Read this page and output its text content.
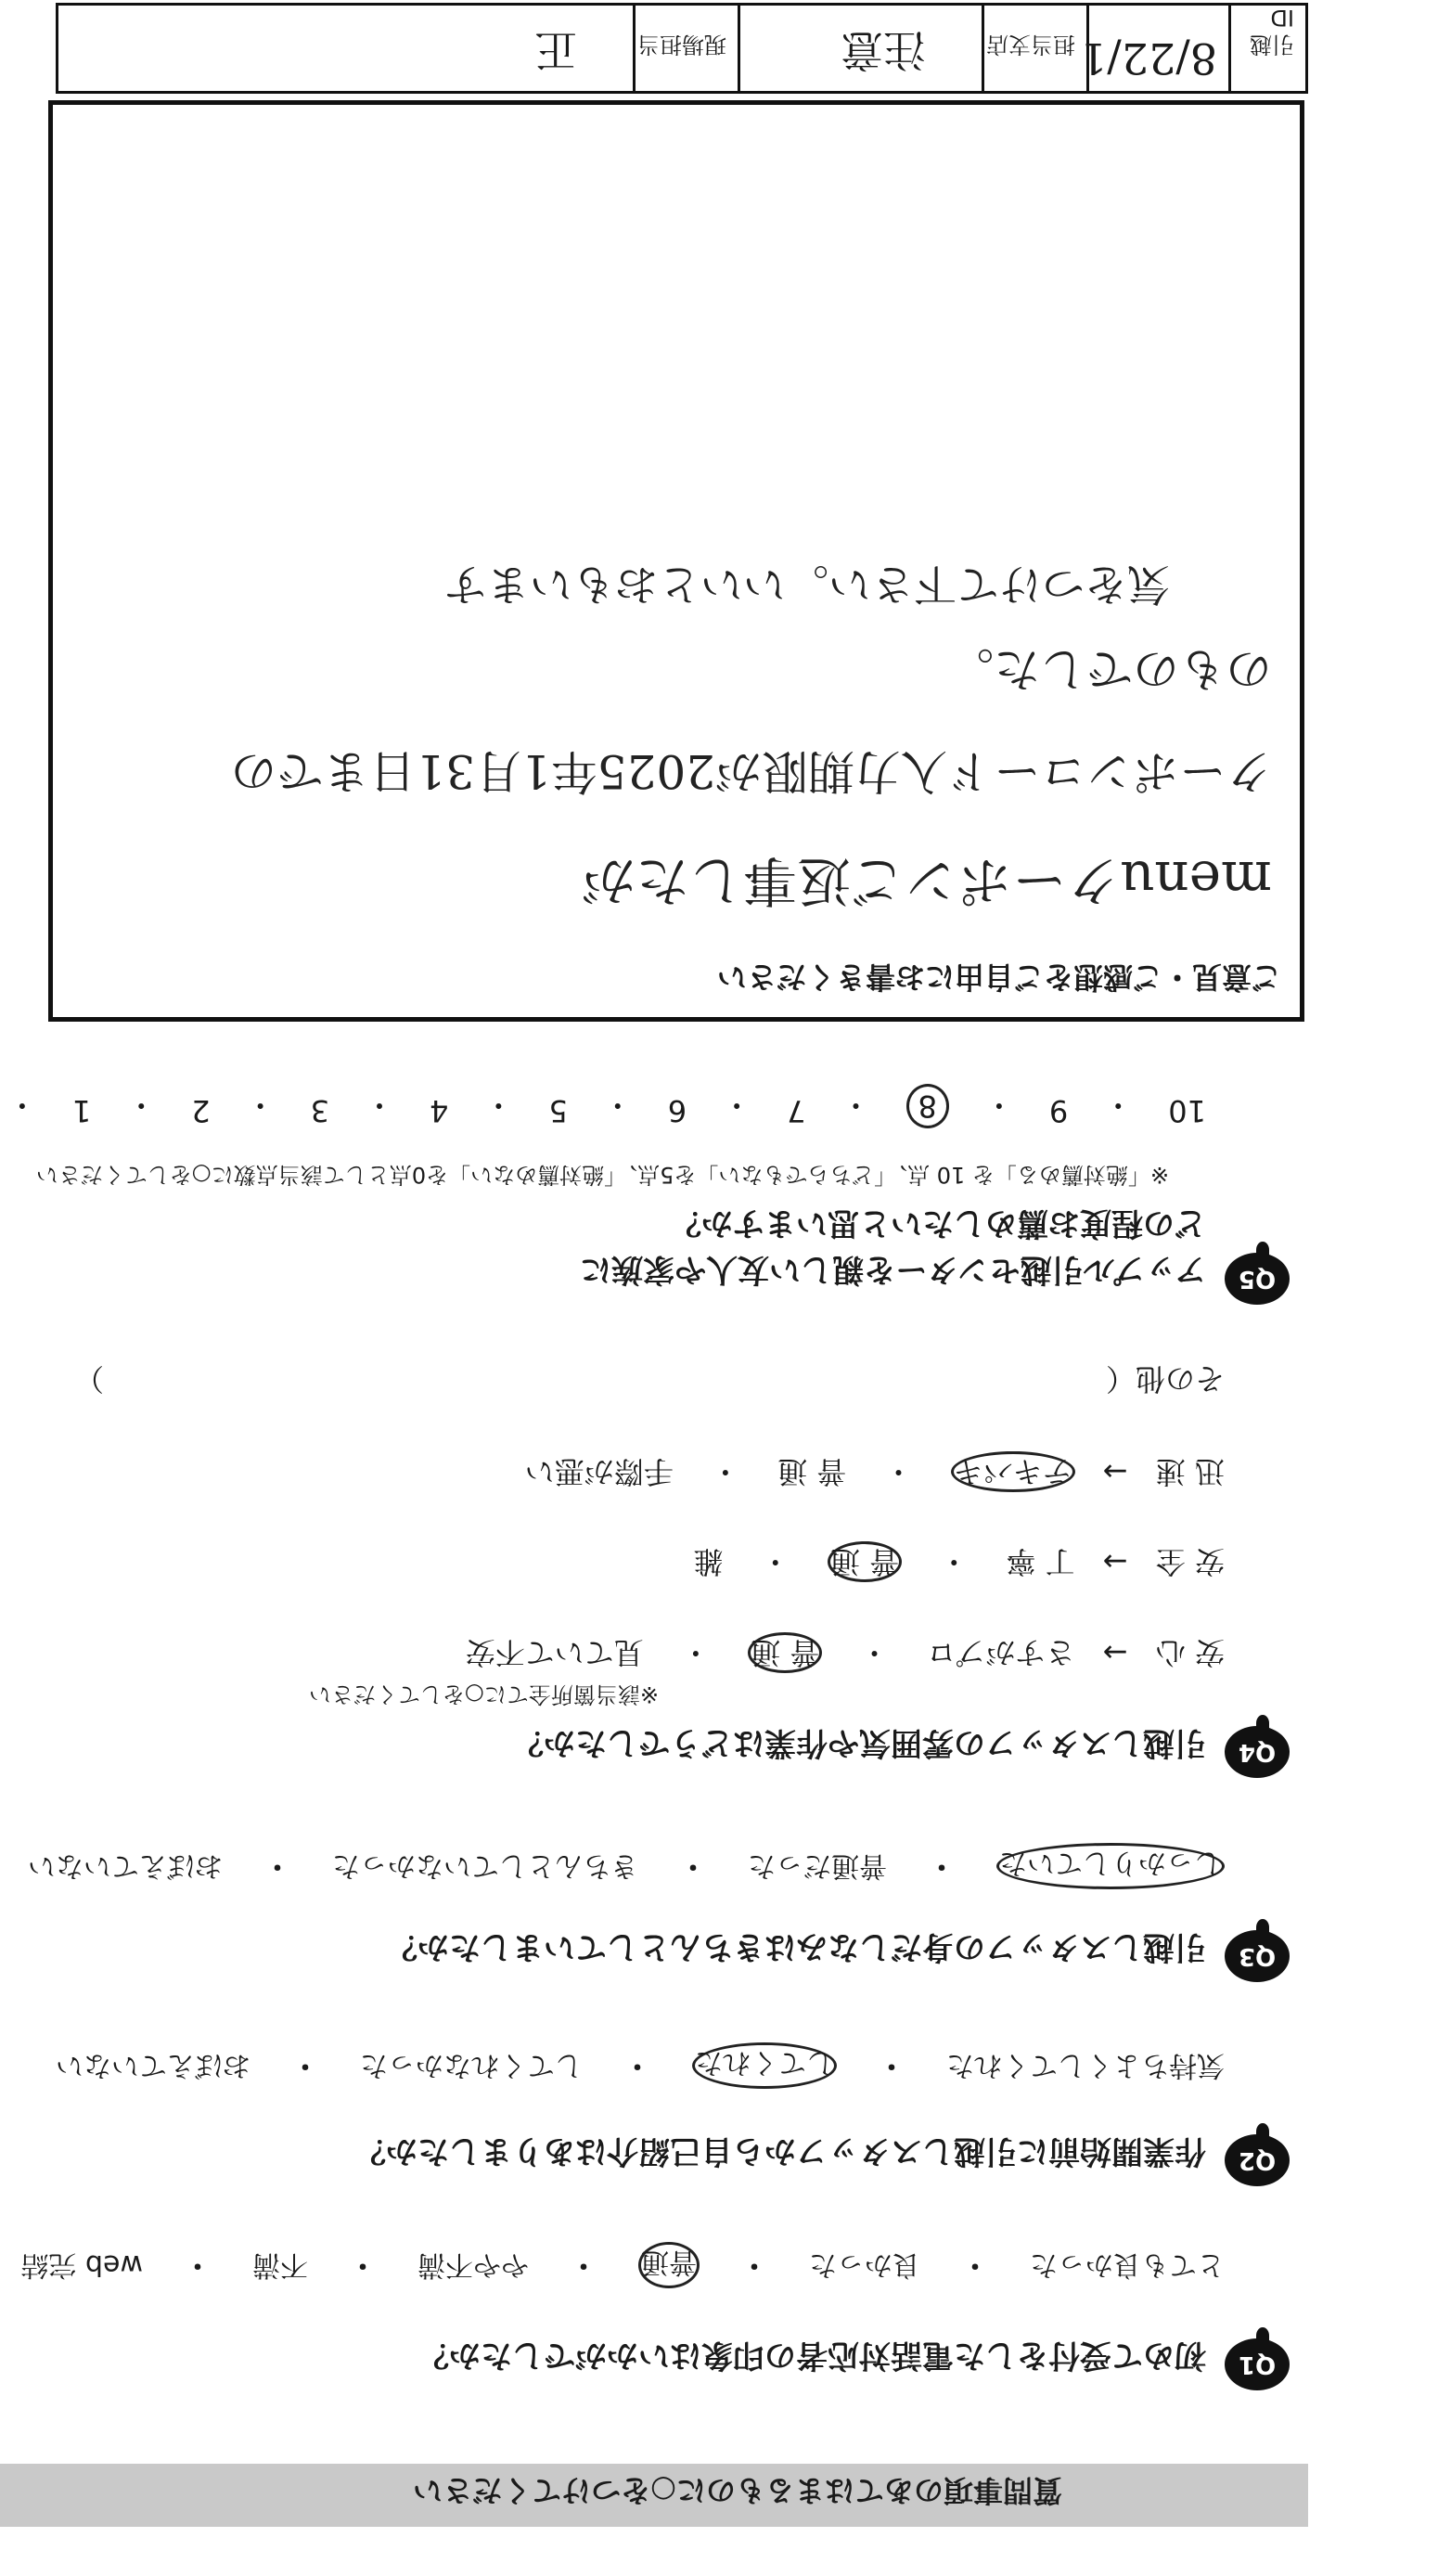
質問事項のあてはまるものに○をつけてください
Q1
初めて受付をした電話対応者の印象はいかがでしたか？
とても良かった
・
良かった
・
普通
・
やや不満
・
不満
・
web 完結
Q2
作業開始前に引越しスタッフから自己紹介はありましたか？
気持ちよくしてくれた
・
してくれた
・
してくれなかった
・
おぼえていない
Q3
引越しスタッフの身だしなみはきちんとしていましたか？
しっかりしていた
・
普通だった
・
きちんとしていなかった
・
おぼえていない
Q4
引越しスタッフの雰囲気や作業はどうでしたか？
※該当箇所全てに○をしてください
安 心 → さすがプロ ・ 普 通 ・ 見ていて不安
安 全 → 丁 寧 ・ 普 通 ・ 雑
迅 速 → テキパキ ・ 普 通 ・ 手際が悪い
その他（
）
Q5
アップル引越センターを親しい友人や家族に
どの程度お薦めしたいと思いますか？
※「絶対薦める」を 10 点、「どちらでもない」を5点、「絶対薦めない」を0点として該当点数に○をしてください
10
・
9
・
8
・
7
・
6
・
5
・
4
・
3
・
2
・
1
・
ご意見・ご感想をご自由にお書きください
menuクーポンご返事したが
クーポンコード入力期限が2025年1月31日までの
のものでした。
気をつけて下さい。いいとおもいます
引越 ID
8/22/1
担当支店
注意
現場担当
正
